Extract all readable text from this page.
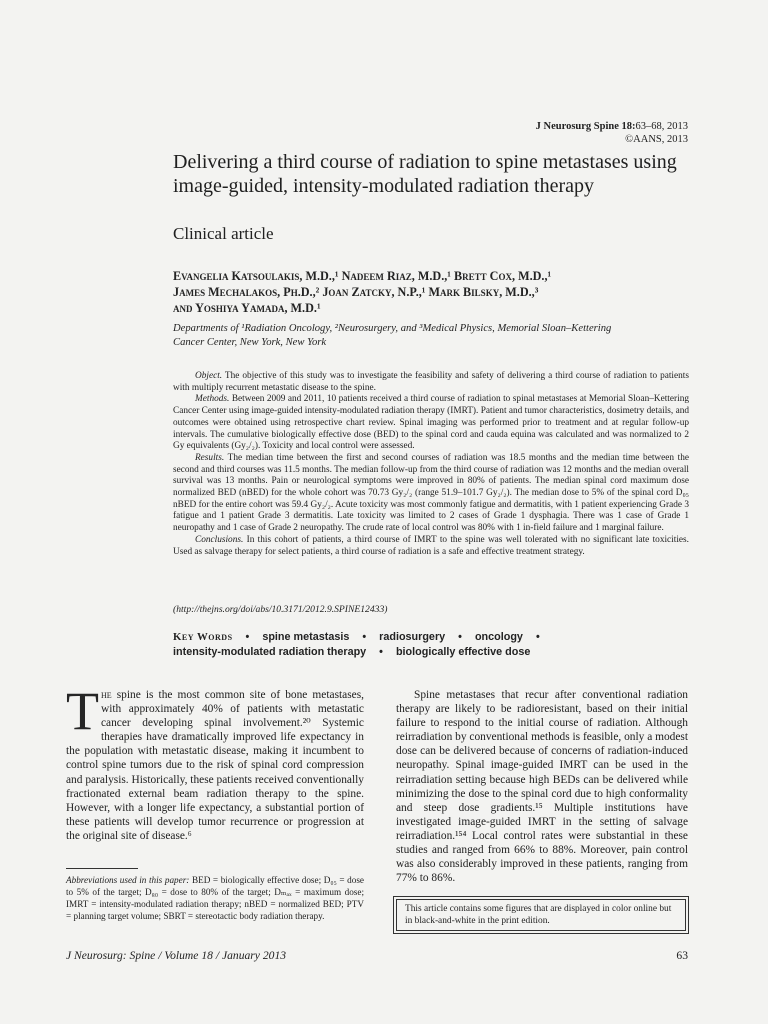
J Neurosurg Spine 18:63–68, 2013
©AANS, 2013
Delivering a third course of radiation to spine metastases using image-guided, intensity-modulated radiation therapy
Clinical article
Evangelia Katsoulakis, M.D.,¹ Nadeem Riaz, M.D.,¹ Brett Cox, M.D.,¹
James Mechalakos, Ph.D.,² Joan Zatcky, N.P.,¹ Mark Bilsky, M.D.,³
and Yoshiya Yamada, M.D.¹
Departments of ¹Radiation Oncology, ²Neurosurgery, and ³Medical Physics, Memorial Sloan–Kettering
Cancer Center, New York, New York

Object. The objective of this study was to investigate the feasibility and safety of delivering a third course of radiation to patients with multiply recurrent metastatic disease to the spine.

Methods. Between 2009 and 2011, 10 patients received a third course of radiation to spinal metastases at Memorial Sloan–Kettering Cancer Center using image-guided intensity-modulated radiation therapy (IMRT). Patient and tumor characteristics, dosimetry details, and outcomes were obtained using retrospective chart review. Spinal imaging was performed prior to treatment and at regular follow-up intervals. The cumulative biologically effective dose (BED) to the spinal cord and cauda equina was calculated and was normalized to 2 Gy equivalents (Gy₂/₂). Toxicity and local control were assessed.

Results. The median time between the first and second courses of radiation was 18.5 months and the median time between the second and third courses was 11.5 months. The median follow-up from the third course of radiation was 12 months and the median overall survival was 13 months. Pain or neurological symptoms were improved in 80% of patients. The median spinal cord maximum dose normalized BED (nBED) for the whole cohort was 70.73 Gy₂/₂ (range 51.9–101.7 Gy₂/₂). The median dose to 5% of the spinal cord D₀₅ nBED for the entire cohort was 59.4 Gy₂/₂. Acute toxicity was most commonly fatigue and dermatitis, with 1 patient experiencing Grade 3 fatigue and 1 patient Grade 3 dermatitis. Late toxicity was limited to 2 cases of Grade 1 dysphagia. There was 1 case of Grade 1 neuropathy and 1 case of Grade 2 neuropathy. The crude rate of local control was 80% with 1 in-field failure and 1 marginal failure.

Conclusions. In this cohort of patients, a third course of IMRT to the spine was well tolerated with no significant late toxicities. Used as salvage therapy for select patients, a third course of radiation is a safe and effective treatment strategy.

(http://thejns.org/doi/abs/10.3171/2012.9.SPINE12433)
Key Words • spine metastasis • radiosurgery • oncology •
intensity-modulated radiation therapy • biologically effective dose
The spine is the most common site of bone metastases, with approximately 40% of patients with metastatic cancer developing spinal involvement.²⁰ Systemic therapies have dramatically improved life expectancy in the population with metastatic disease, making it incumbent to control spine tumors due to the risk of spinal cord compression and paralysis. Historically, these patients received conventionally fractionated external beam radiation therapy to the spine. However, with a longer life expectancy, a substantial portion of these patients will develop tumor recurrence or progression at the original site of disease.⁶

Spine metastases that recur after conventional radiation therapy are likely to be radioresistant, based on their initial failure to respond to the initial course of radiation. Although reirradiation by conventional methods is feasible, only a modest dose can be delivered because of concerns of radiation-induced neuropathy. Spinal image-guided IMRT can be used in the reirradiation setting because high BEDs can be delivered while minimizing the dose to the spinal cord due to high conformality and steep dose gradients.¹⁵ Multiple institutions have investigated image-guided IMRT in the setting of salvage reirradiation.¹⁵⁴ Local control rates were substantial in these studies and ranged from 66% to 88%. Moreover, pain control was also considerably improved in these patients, ranging from 77% to 86%.

Abbreviations used in this paper: BED = biologically effective dose; D₀₅ = dose to 5% of the target; D₈₀ = dose to 80% of the target; Dₘₐₓ = maximum dose; IMRT = intensity-modulated radiation therapy; nBED = normalized BED; PTV = planning target volume; SBRT = stereotactic body radiation therapy.
This article contains some figures that are displayed in color online but in black-and-white in the print edition.
J Neurosurg: Spine / Volume 18 / January 2013	63
